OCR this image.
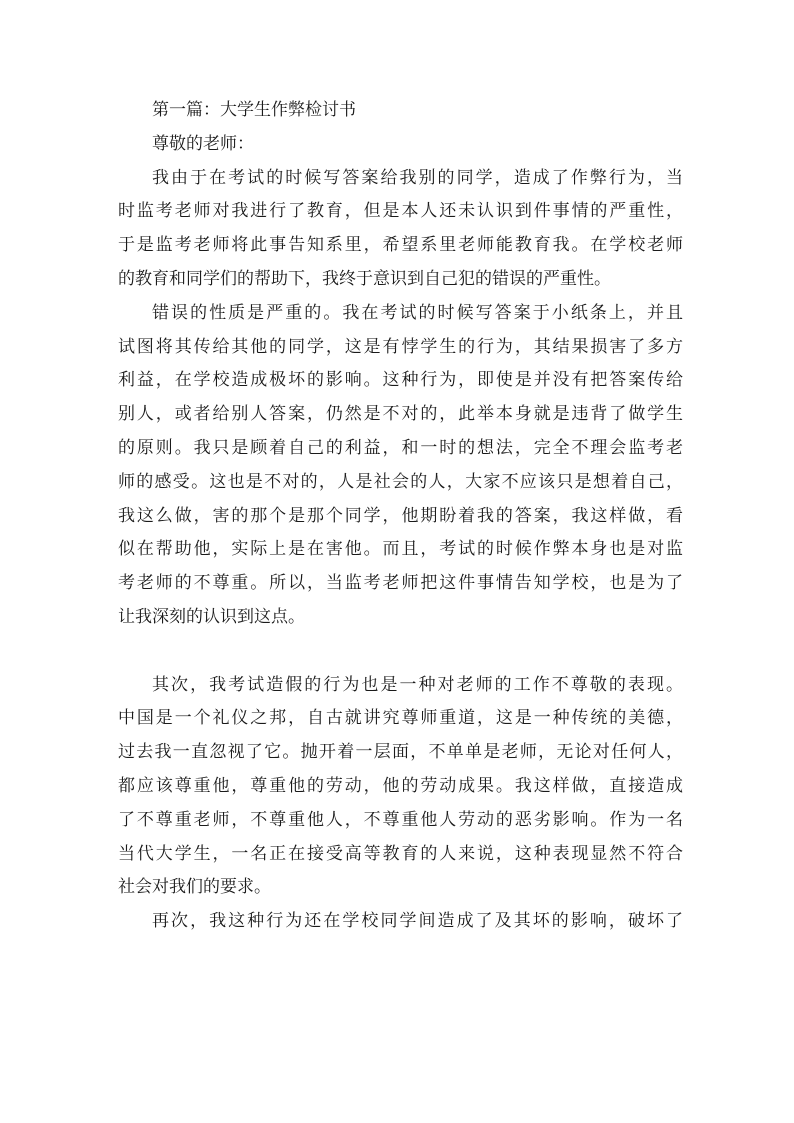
第一篇：大学生作弊检讨书
尊敬的老师：
我由于在考试的时候写答案给我别的同学，造成了作弊行为，当
时监考老师对我进行了教育，但是本人还未认识到件事情的严重性，
于是监考老师将此事告知系里，希望系里老师能教育我。在学校老师
的教育和同学们的帮助下，我终于意识到自己犯的错误的严重性。
错误的性质是严重的。我在考试的时候写答案于小纸条上，并且
试图将其传给其他的同学，这是有悖学生的行为，其结果损害了多方
利益，在学校造成极坏的影响。这种行为，即使是并没有把答案传给
别人，或者给别人答案，仍然是不对的，此举本身就是违背了做学生
的原则。我只是顾着自己的利益，和一时的想法，完全不理会监考老
师的感受。这也是不对的，人是社会的人，大家不应该只是想着自己，
我这么做，害的那个是那个同学，他期盼着我的答案，我这样做，看
似在帮助他，实际上是在害他。而且，考试的时候作弊本身也是对监
考老师的不尊重。所以，当监考老师把这件事情告知学校，也是为了
让我深刻的认识到这点。
其次，我考试造假的行为也是一种对老师的工作不尊敬的表现。
中国是一个礼仪之邦，自古就讲究尊师重道，这是一种传统的美德，
过去我一直忽视了它。抛开着一层面，不单单是老师，无论对任何人，
都应该尊重他，尊重他的劳动，他的劳动成果。我这样做，直接造成
了不尊重老师，不尊重他人，不尊重他人劳动的恶劣影响。作为一名
当代大学生，一名正在接受高等教育的人来说，这种表现显然不符合
社会对我们的要求。
再次，我这种行为还在学校同学间造成了及其坏的影响，破坏了
